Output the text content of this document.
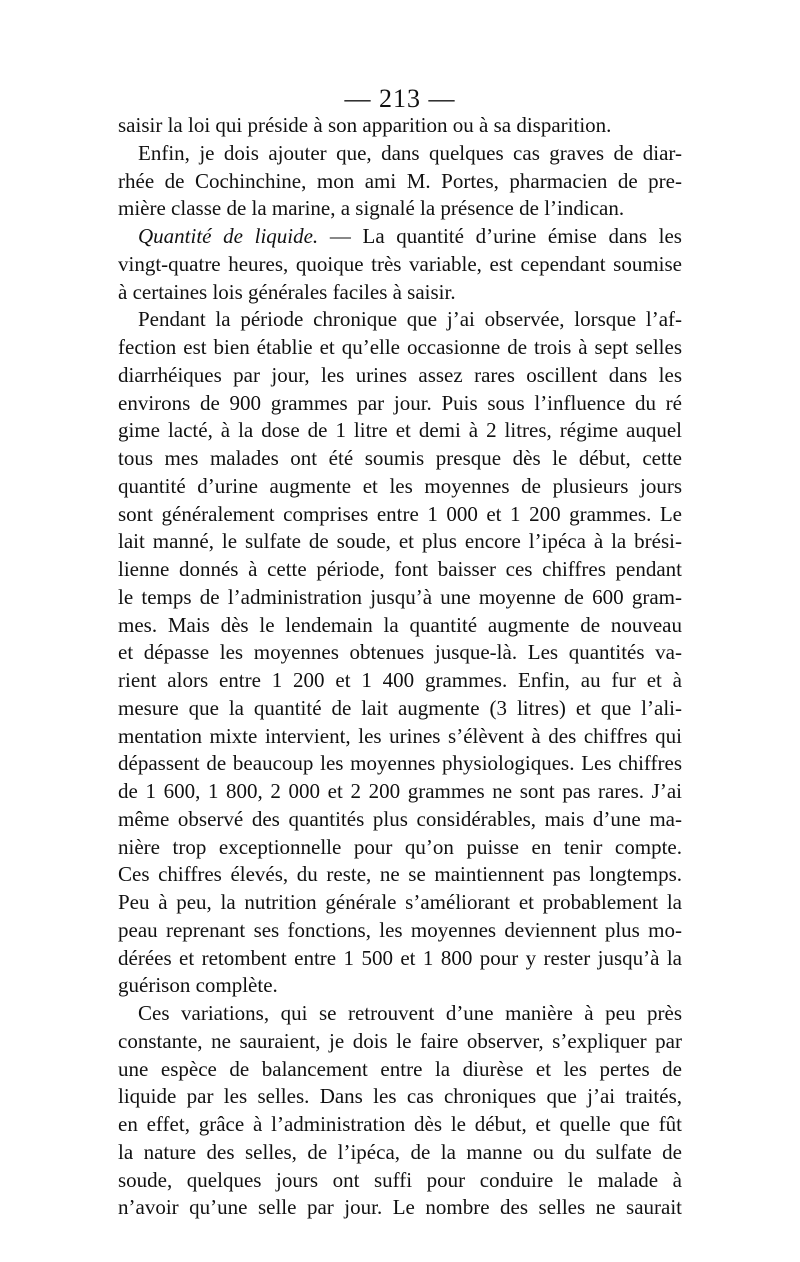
— 213 —
saisir la loi qui préside à son apparition ou à sa disparition.
Enfin, je dois ajouter que, dans quelques cas graves de diar-
rhée de Cochinchine, mon ami M. Portes, pharmacien de pre-
mière classe de la marine, a signalé la présence de l’indican.
Quantité de liquide. — La quantité d’urine émise dans les
vingt-quatre heures, quoique très variable, est cependant soumise
à certaines lois générales faciles à saisir.
Pendant la période chronique que j’ai observée, lorsque l’af-
fection est bien établie et qu’elle occasionne de trois à sept selles
diarrhéiques par jour, les urines assez rares oscillent dans les
environs de 900 grammes par jour. Puis sous l’influence du ré
gime lacté, à la dose de 1 litre et demi à 2 litres, régime auquel
tous mes malades ont été soumis presque dès le début, cette
quantité d’urine augmente et les moyennes de plusieurs jours
sont généralement comprises entre 1 000 et 1 200 grammes. Le
lait manné, le sulfate de soude, et plus encore l’ipéca à la brési-
lienne donnés à cette période, font baisser ces chiffres pendant
le temps de l’administration jusqu’à une moyenne de 600 gram-
mes. Mais dès le lendemain la quantité augmente de nouveau
et dépasse les moyennes obtenues jusque-là. Les quantités va‑
rient alors entre 1 200 et 1 400 grammes. Enfin, au fur et à
mesure que la quantité de lait augmente (3 litres) et que l’ali-
mentation mixte intervient, les urines s’élèvent à des chiffres qui
dépassent de beaucoup les moyennes physiologiques. Les chiffres
de 1 600, 1 800, 2 000 et 2 200 grammes ne sont pas rares. J’ai
même observé des quantités plus considérables, mais d’une ma-
nière trop exceptionnelle pour qu’on puisse en tenir compte.
Ces chiffres élevés, du reste, ne se maintiennent pas longtemps.
Peu à peu, la nutrition générale s’améliorant et probablement la
peau reprenant ses fonctions, les moyennes deviennent plus mo-
dérées et retombent entre 1 500 et 1 800 pour y rester jusqu’à la
guérison complète.
Ces variations, qui se retrouvent d’une manière à peu près
constante, ne sauraient, je dois le faire observer, s’expliquer par
une espèce de balancement entre la diurèse et les pertes de
liquide par les selles. Dans les cas chroniques que j’ai traités,
en effet, grâce à l’administration dès le début, et quelle que fût
la nature des selles, de l’ipéca, de la manne ou du sulfate de
soude, quelques jours ont suffi pour conduire le malade à
n’avoir qu’une selle par jour. Le nombre des selles ne saurait
